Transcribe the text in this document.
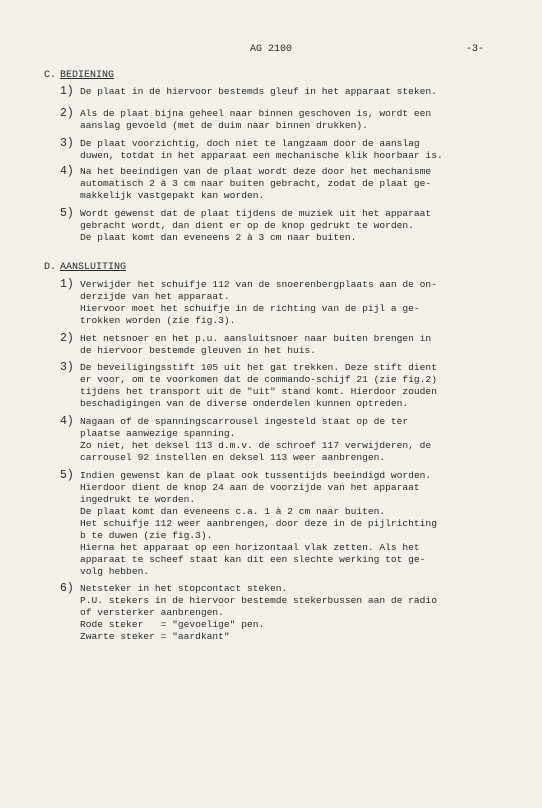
AG 2100	-3-
C. BEDIENING
1) De plaat in de hiervoor bestemds gleuf in het apparaat steken.
2) Als de plaat bijna geheel naar binnen geschoven is, wordt een
aanslag gevoeld (met de duim naar binnen drukken).
3) De plaat voorzichtig, doch niet te langzaam door de aanslag
duwen, totdat in het apparaat een mechanische klik hoorbaar is.
4) Na het beeindigen van de plaat wordt deze door het mechanisme
automatisch 2 à 3 cm naar buiten gebracht, zodat de plaat ge-
makkelijk vastgepakt kan worden.
5) Wordt gewenst dat de plaat tijdens de muziek uit het apparaat
gebracht wordt, dan dient er op de knop gedrukt te worden.
De plaat komt dan eveneens 2 à 3 cm naar buiten.
D. AANSLUITING
1) Verwijder het schuifje 112 van de snoerenbergplaats aan de on-
derzijde van het apparaat.
Hiervoor moet het schuifje in de richting van de pijl a ge-
trokken worden (zie fig.3).
2) Het netsnoer en het p.u. aansluitsnoer naar buiten brengen in
de hiervoor bestemde gleuven in het huis.
3) De beveiligingsstift 105 uit het gat trekken. Deze stift dient
er voor, om te voorkomen dat de commando-schijf 21 (zie fig.2)
tijdens het transport uit de "uit" stand komt. Hierdoor zouden
beschadigingen van de diverse onderdelen kunnen optreden.
4) Nagaan of de spanningscarrousel ingesteld staat op de ter
plaatse aanwezige spanning.
Zo niet, het deksel 113 d.m.v. de schroef 117 verwijderen, de
carrousel 92 instellen en deksel 113 weer aanbrengen.
5) Indien gewenst kan de plaat ook tussentijds beeindigd worden.
Hierdoor dient de knop 24 aan de voorzijde van het apparaat
ingedrukt te worden.
De plaat komt dan eveneens c.a. 1 à 2 cm naar buiten.
Het schuifje 112 weer aanbrengen, door deze in de pijlrichting
b te duwen (zie fig.3).
Hierna het apparaat op een horizontaal vlak zetten. Als het
apparaat te scheef staat kan dit een slechte werking tot ge-
volg hebben.
6) Netsteker in het stopcontact steken.
P.U. stekers in de hiervoor bestemde stekerbussen aan de radio
of versterker aanbrengen.
Rode steker   = "gevoelige" pen.
Zwarte steker = "aardkant"
